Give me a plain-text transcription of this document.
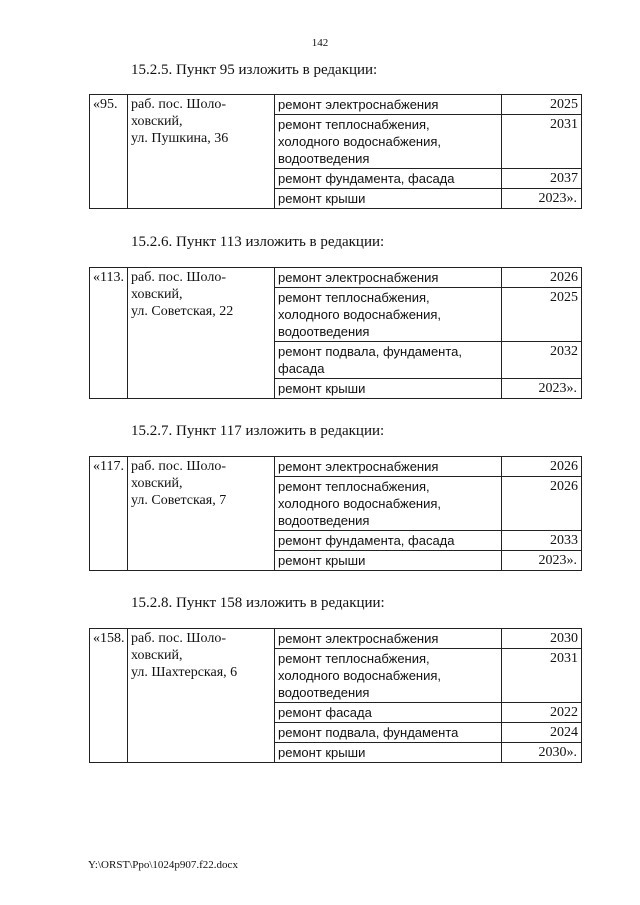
142
15.2.5. Пункт 95 изложить в редакции:
«95.	раб. пос. Шоло-
ховский,
ул. Пушкина, 36	ремонт электроснабжения	2025

		ремонт теплоснабжения,
холодного водоснабжения,
водоотведения	2031

		ремонт фундамента, фасада	2037

		ремонт крыши	2023».
15.2.6. Пункт 113 изложить в редакции:
«113.	раб. пос. Шоло-
ховский,
ул. Советская, 22	ремонт электроснабжения	2026

		ремонт теплоснабжения,
холодного водоснабжения,
водоотведения	2025

		ремонт подвала, фундамента,
фасада	2032

		ремонт крыши	2023».
15.2.7. Пункт 117 изложить в редакции:
«117.	раб. пос. Шоло-
ховский,
ул. Советская, 7	ремонт электроснабжения	2026

		ремонт теплоснабжения,
холодного водоснабжения,
водоотведения	2026

		ремонт фундамента, фасада	2033

		ремонт крыши	2023».
15.2.8. Пункт 158 изложить в редакции:
«158.	раб. пос. Шоло-
ховский,
ул. Шахтерская, 6	ремонт электроснабжения	2030

		ремонт теплоснабжения,
холодного водоснабжения,
водоотведения	2031

		ремонт фасада	2022

		ремонт подвала, фундамента	2024

		ремонт крыши	2030».
Y:\ORST\Ppo\1024p907.f22.docx
